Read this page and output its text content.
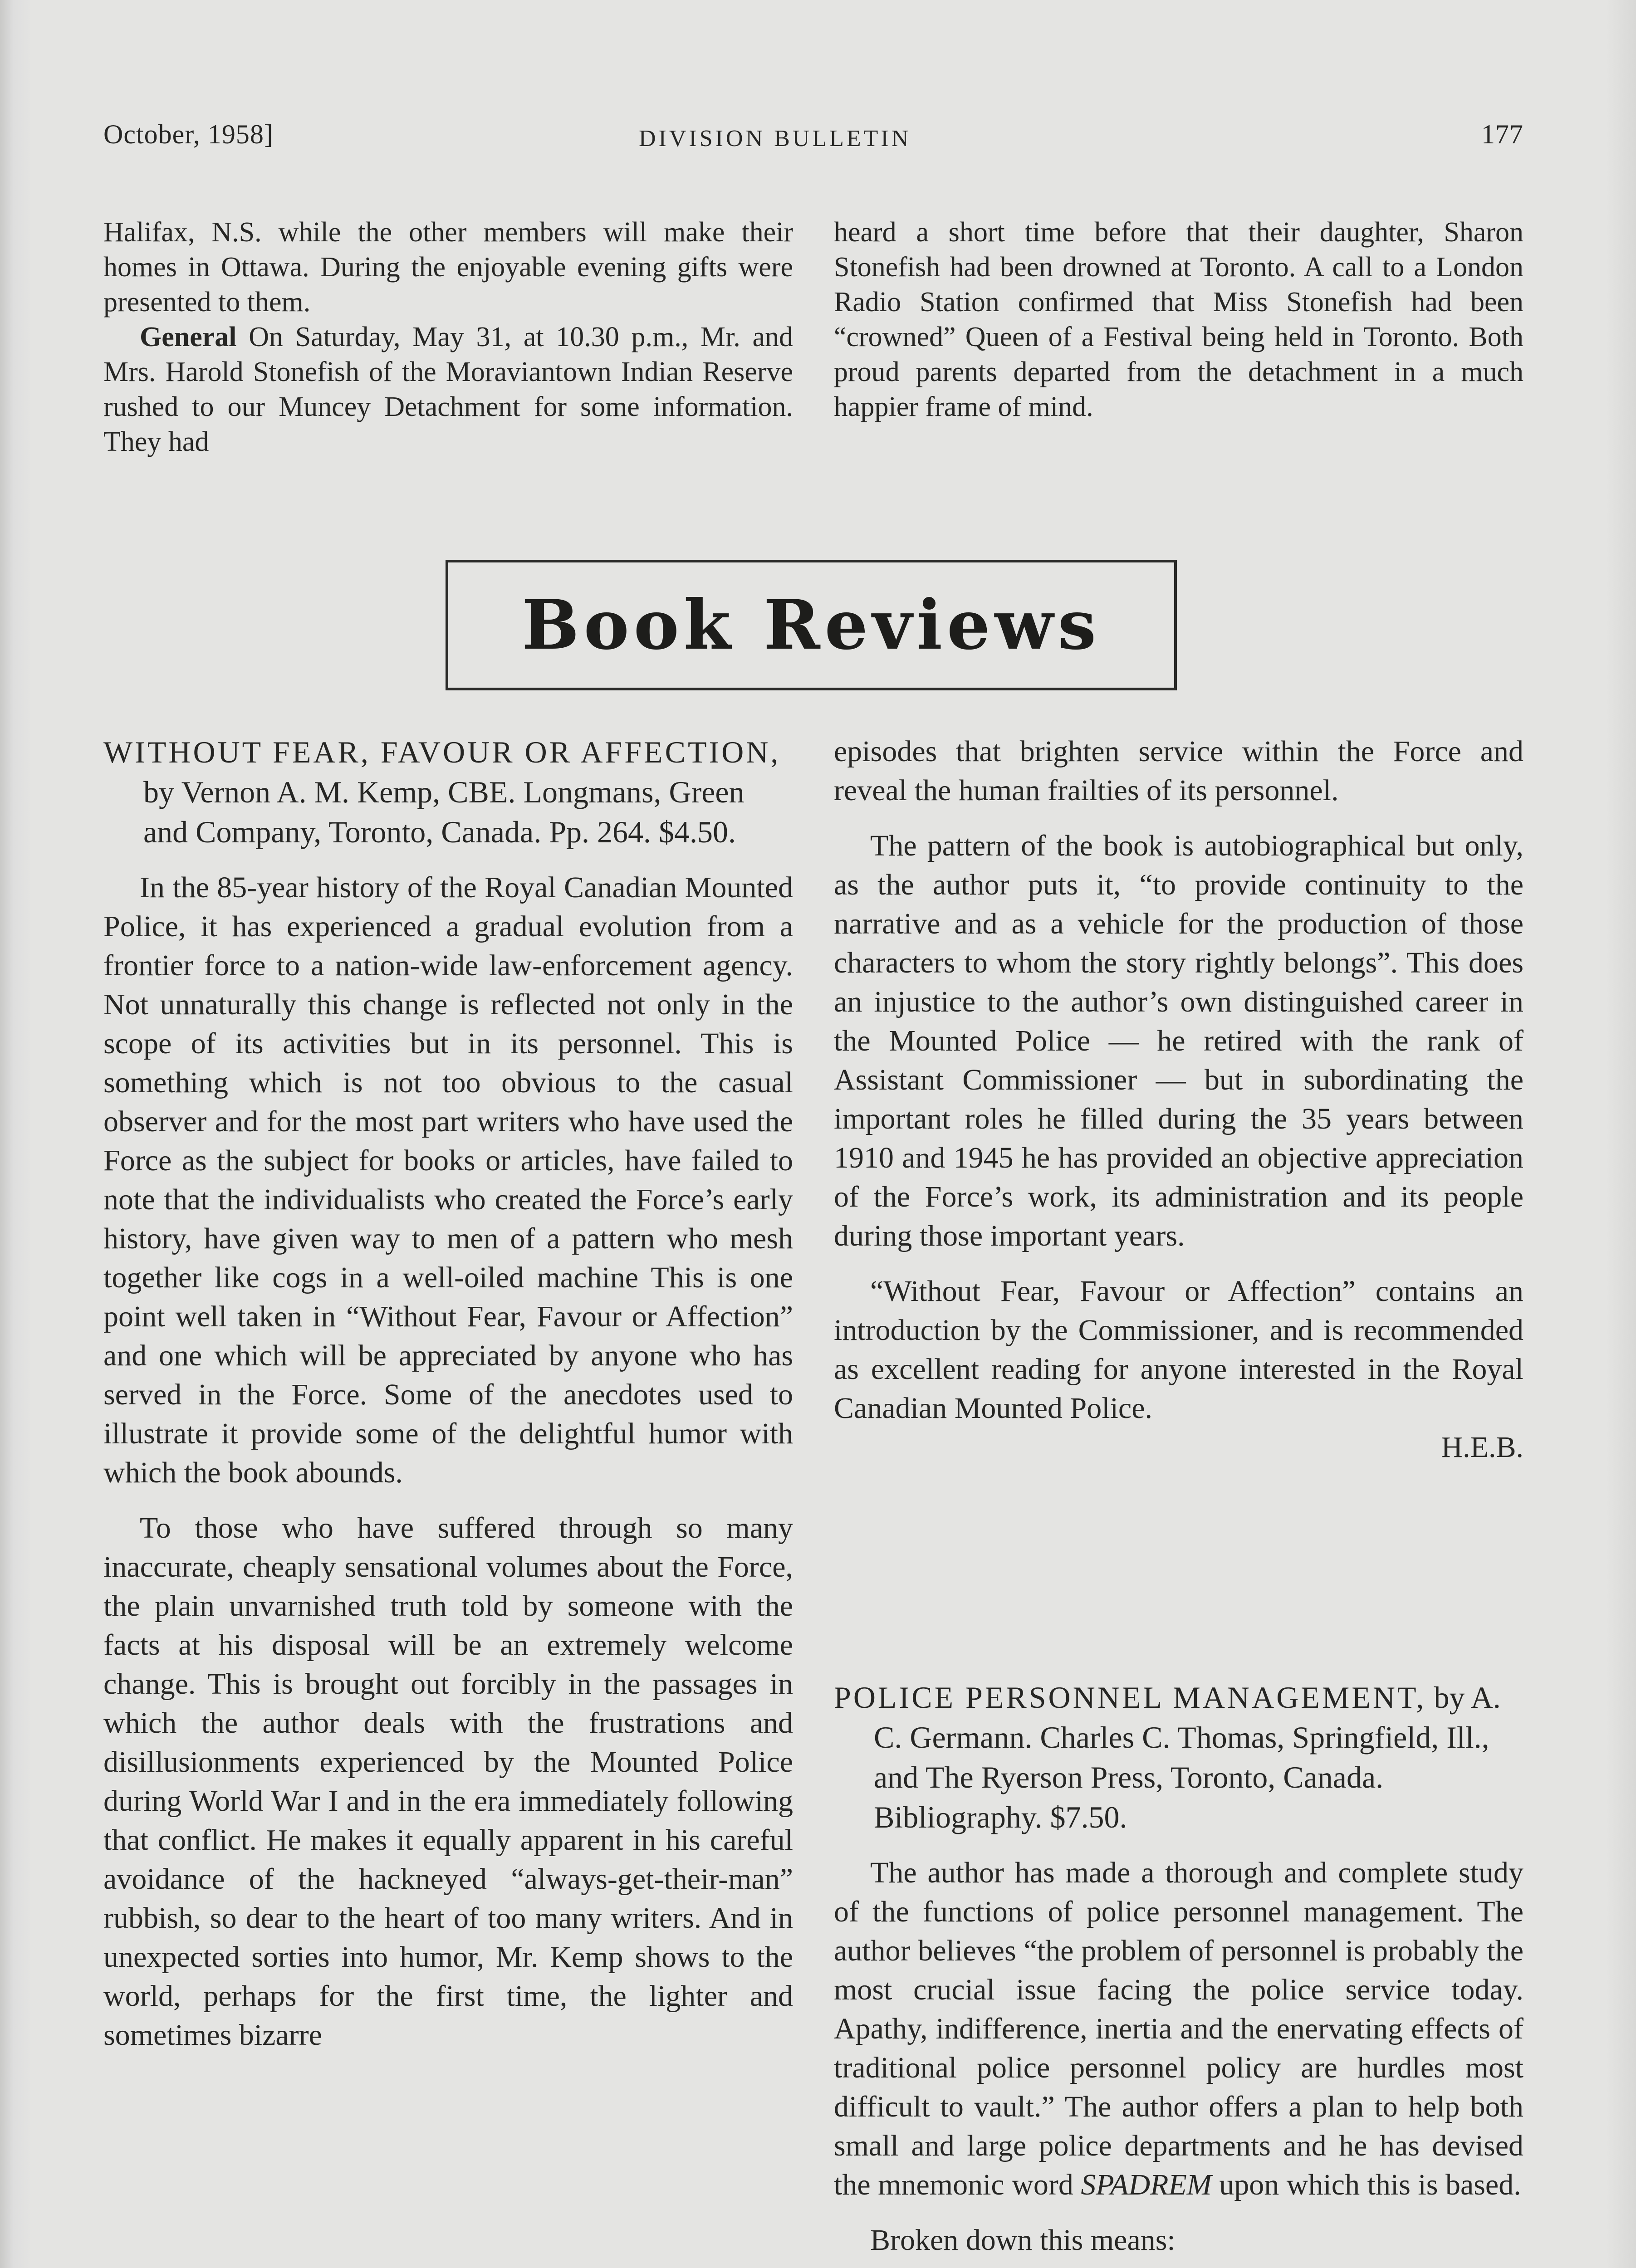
October, 1958]	DIVISION BULLETIN	177

Halifax, N.S. while the other members will make their homes in Ottawa. During the enjoyable evening gifts were presented to them.

General On Saturday, May 31, at 10.30 p.m., Mr. and Mrs. Harold Stonefish of the Moraviantown Indian Reserve rushed to our Muncey Detachment for some information. They had

heard a short time before that their daughter, Sharon Stonefish had been drowned at Toronto. A call to a London Radio Station confirmed that Miss Stonefish had been “crowned” Queen of a Festival being held in Toronto. Both proud parents departed from the detachment in a much happier frame of mind.

Book Reviews

WITHOUT FEAR, FAVOUR OR AFFECTION, by Vernon A. M. Kemp, CBE. Longmans, Green and Company, Toronto, Canada. Pp. 264. $4.50.

In the 85-year history of the Royal Canadian Mounted Police, it has experienced a gradual evolution from a frontier force to a nation-wide law-enforcement agency. Not unnaturally this change is reflected not only in the scope of its activities but in its personnel. This is something which is not too obvious to the casual observer and for the most part writers who have used the Force as the subject for books or articles, have failed to note that the individualists who created the Force’s early history, have given way to men of a pattern who mesh together like cogs in a well-oiled machine This is one point well taken in “Without Fear, Favour or Affection” and one which will be appreciated by anyone who has served in the Force. Some of the anecdotes used to illustrate it provide some of the delightful humor with which the book abounds.

To those who have suffered through so many inaccurate, cheaply sensational volumes about the Force, the plain unvarnished truth told by someone with the facts at his disposal will be an extremely welcome change. This is brought out forcibly in the passages in which the author deals with the frustrations and disillusionments experienced by the Mounted Police during World War I and in the era immediately following that conflict. He makes it equally apparent in his careful avoidance of the hackneyed “always-get-their-man” rubbish, so dear to the heart of too many writers. And in unexpected sorties into humor, Mr. Kemp shows to the world, perhaps for the first time, the lighter and sometimes bizarre

episodes that brighten service within the Force and reveal the human frailties of its personnel.

The pattern of the book is autobiographical but only, as the author puts it, “to provide continuity to the narrative and as a vehicle for the production of those characters to whom the story rightly belongs”. This does an injustice to the author’s own distinguished career in the Mounted Police — he retired with the rank of Assistant Commissioner — but in subordinating the important roles he filled during the 35 years between 1910 and 1945 he has provided an objective appreciation of the Force’s work, its administration and its people during those important years.

“Without Fear, Favour or Affection” contains an introduction by the Commissioner, and is recommended as excellent reading for anyone interested in the Royal Canadian Mounted Police.

H.E.B.

POLICE PERSONNEL MANAGEMENT, by A. C. Germann. Charles C. Thomas, Springfield, Ill., and The Ryerson Press, Toronto, Canada. Bibliography. $7.50.

The author has made a thorough and complete study of the functions of police personnel management. The author believes “the problem of personnel is probably the most crucial issue facing the police service today. Apathy, indifference, inertia and the enervating effects of traditional police personnel policy are hurdles most difficult to vault.” The author offers a plan to help both small and large police departments and he has devised the mnemonic word SPADREM upon which this is based.

Broken down this means:
